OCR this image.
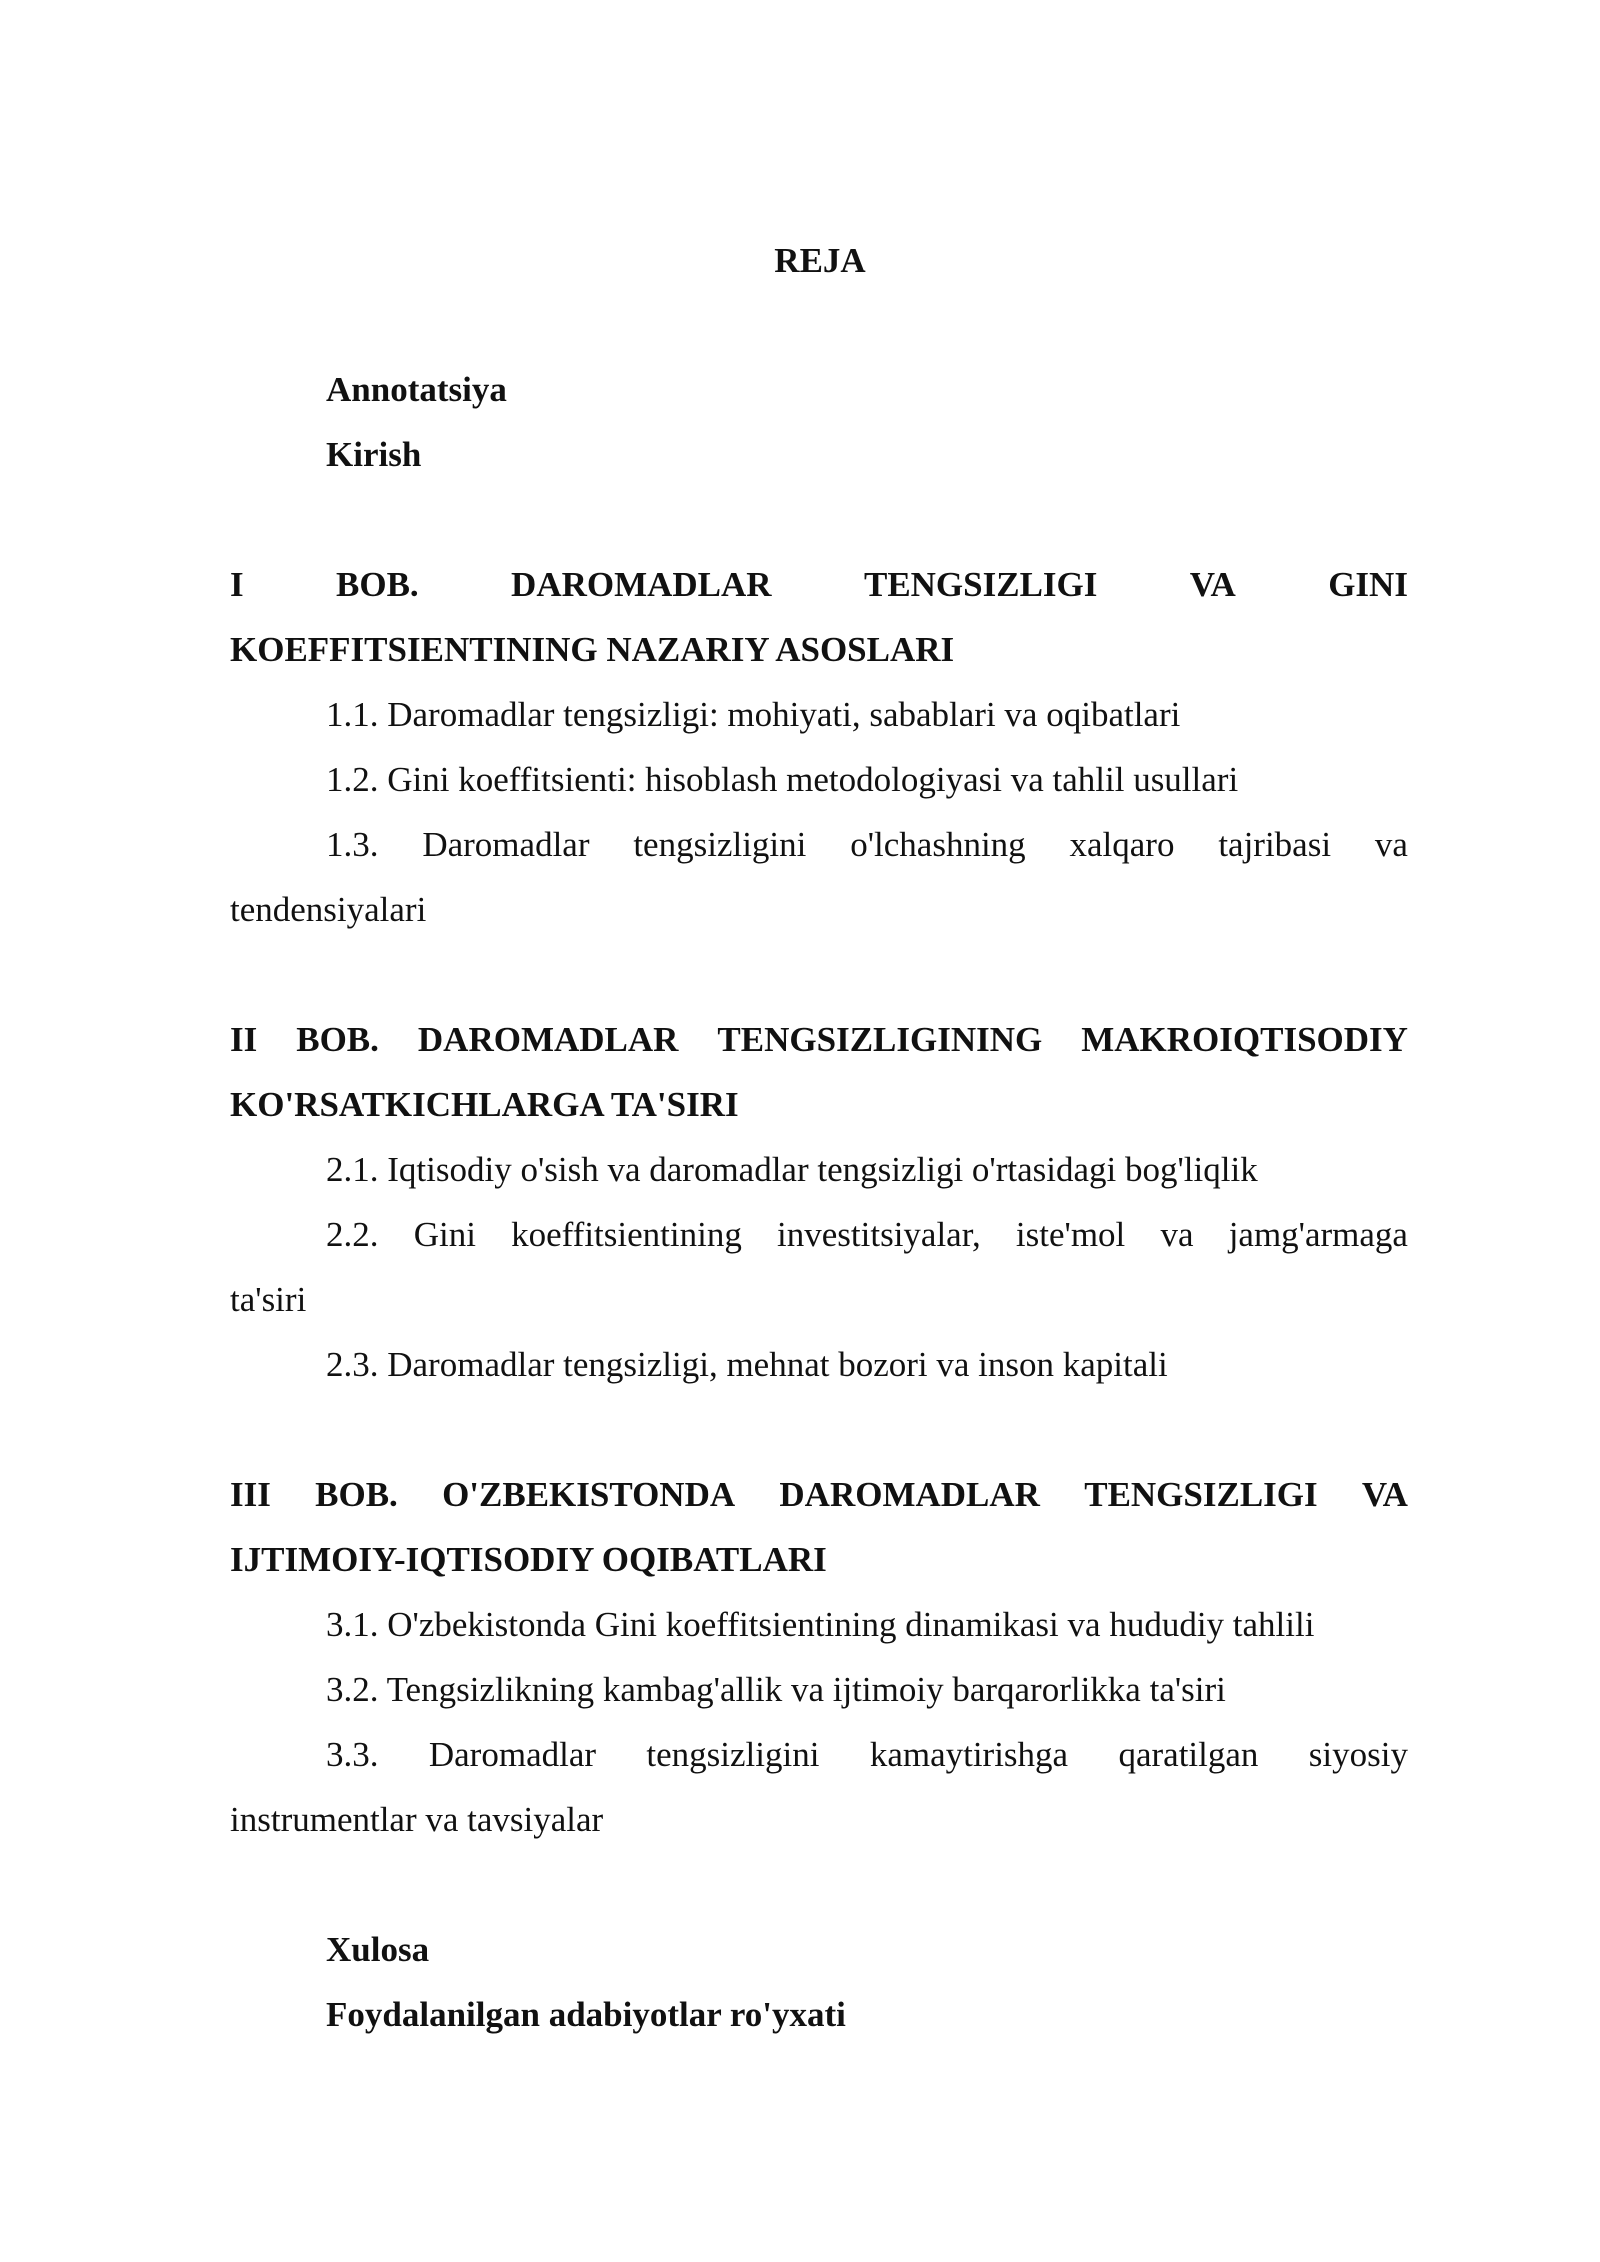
REJA
Annotatsiya
Kirish
I	BOB.	DAROMADLAR	TENGSIZLIGI	VA	GINI
KOEFFITSIENTINING NAZARIY ASOSLARI
1.1. Daromadlar tengsizligi: mohiyati, sabablari va oqibatlari
1.2. Gini koeffitsienti: hisoblash metodologiyasi va tahlil usullari
1.3. Daromadlar tengsizligini o'lchashning xalqaro tajribasi va
tendensiyalari
II BOB. DAROMADLAR TENGSIZLIGINING MAKROIQTISODIY
KO'RSATKICHLARGA TA'SIRI
2.1. Iqtisodiy o'sish va daromadlar tengsizligi o'rtasidagi bog'liqlik
2.2. Gini koeffitsientining investitsiyalar, iste'mol va jamg'armaga
ta'siri
2.3. Daromadlar tengsizligi, mehnat bozori va inson kapitali
III BOB. O'ZBEKISTONDA DAROMADLAR TENGSIZLIGI VA
IJTIMOIY-IQTISODIY OQIBATLARI
3.1. O'zbekistonda Gini koeffitsientining dinamikasi va hududiy tahlili
3.2. Tengsizlikning kambag'allik va ijtimoiy barqarorlikka ta'siri
3.3. Daromadlar tengsizligini kamaytirishga qaratilgan siyosiy
instrumentlar va tavsiyalar
Xulosa
Foydalanilgan adabiyotlar ro'yxati
